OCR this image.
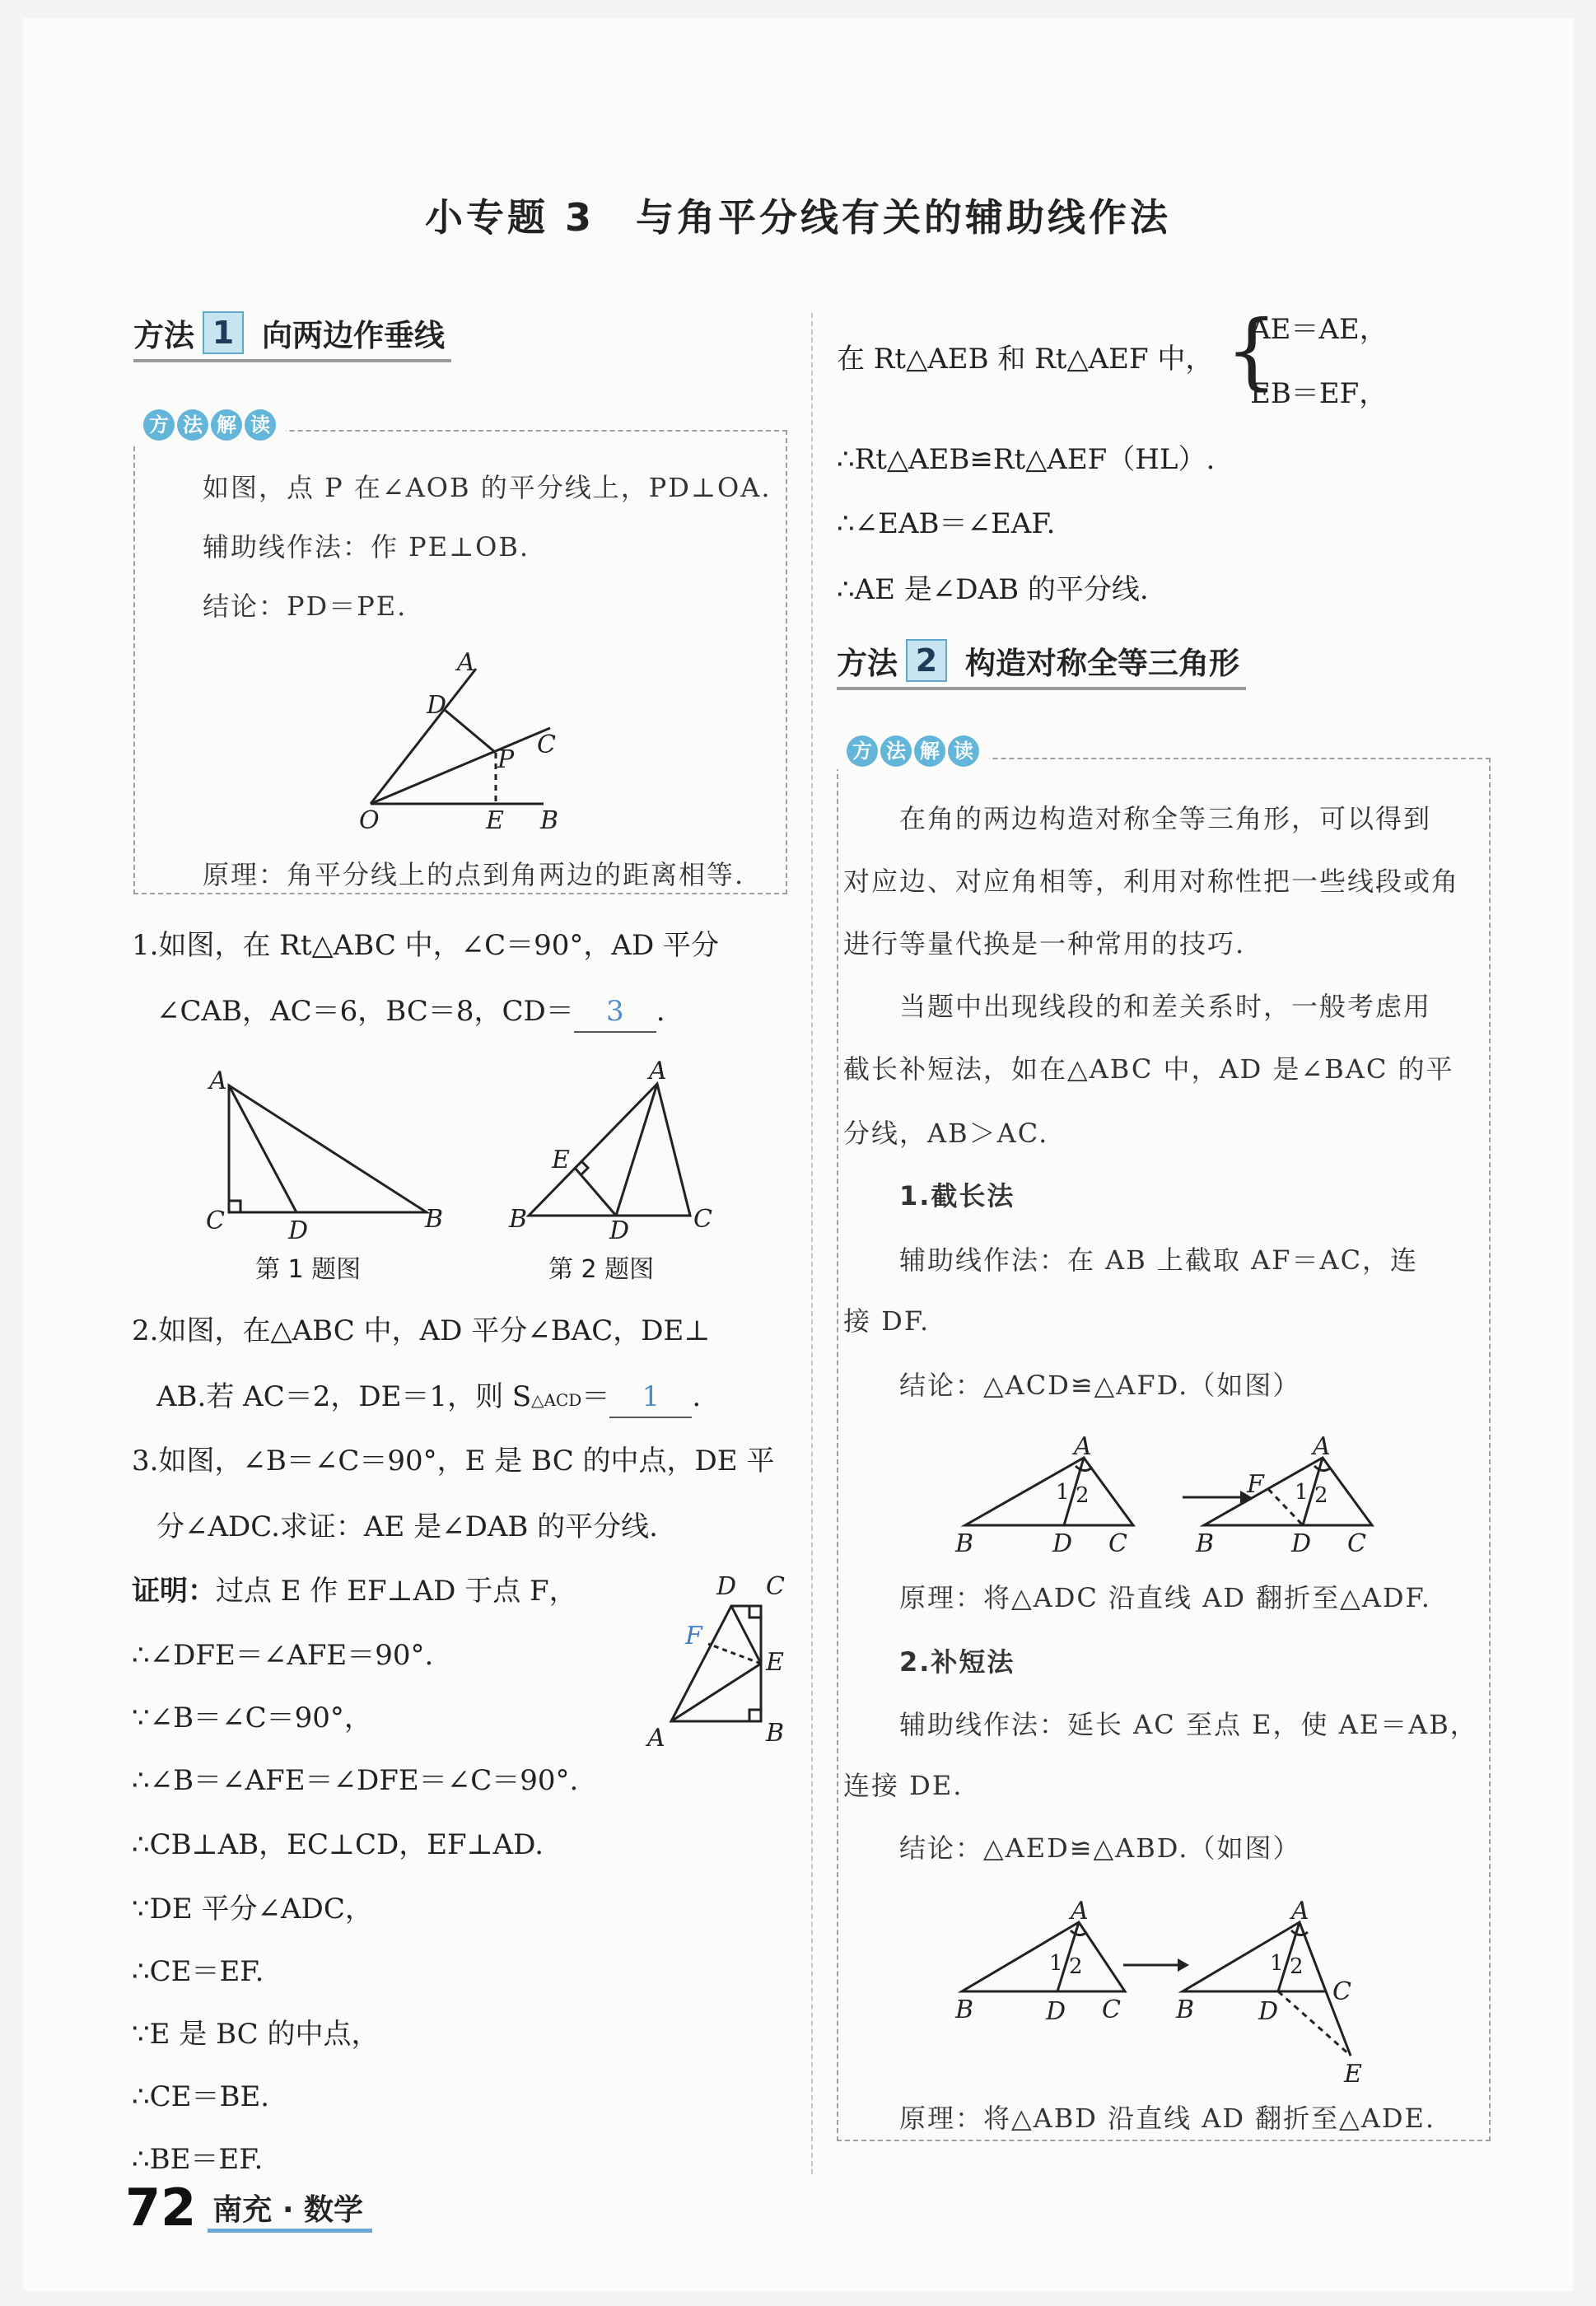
小专题 3　与角平分线有关的辅助线作法
方法 1 向两边作垂线
方 法 解 读
如图，点 P 在∠AOB 的平分线上，PD⊥OA.
辅助线作法：作 PE⊥OB.
结论：PD＝PE.
A
D
C
P
O	E B
原理：角平分线上的点到角两边的距离相等.
1.如图，在 Rt△ABC 中，∠C＝90°，AD 平分
∠CAB，AC＝6，BC＝8，CD＝ 3 .
A
C	D	B
第 1 题图
A
E
B	D	C
第 2 题图
2.如图，在△ABC 中，AD 平分∠BAC，DE⊥
AB.若 AC＝2，DE＝1，则 S△ACD＝ 1 .
3.如图，∠B＝∠C＝90°，E 是 BC 的中点，DE 平
分∠ADC.求证：AE 是∠DAB 的平分线.
D C
F
E
A	B
证明：过点 E 作 EF⊥AD 于点 F，
∴∠DFE＝∠AFE＝90°.
∵∠B＝∠C＝90°，
∴∠B＝∠AFE＝∠DFE＝∠C＝90°.
∴CB⊥AB，EC⊥CD，EF⊥AD.
∵DE 平分∠ADC，
∴CE＝EF.
∵E 是 BC 的中点，
∴CE＝BE.
∴BE＝EF.
在 Rt△AEB 和 Rt△AEF 中， {
AE＝AE，
EB＝EF，
∴Rt△AEB≌Rt△AEF（HL）.
∴∠EAB＝∠EAF.
∴AE 是∠DAB 的平分线.
方法 2 构造对称全等三角形
方 法 解 读
　　在角的两边构造对称全等三角形，可以得到
对应边、对应角相等，利用对称性把一些线段或角
进行等量代换是一种常用的技巧.
　　当题中出现线段的和差关系时，一般考虑用
截长补短法，如在△ABC 中，AD 是∠BAC 的平
分线，AB＞AC.
1.截长法
　　辅助线作法：在 AB 上截取 AF＝AC，连
接 DF.
　　结论：△ACD≌△AFD.（如图）
A
1 2
B	D C
A
F 1 2
B	D C
　　原理：将△ADC 沿直线 AD 翻折至△ADF.
2.补短法
　　辅助线作法：延长 AC 至点 E，使 AE＝AB，
连接 DE.
　　结论：△AED≌△ABD.（如图）
A
1 2
B	D C
A
1 2
B	D
C
E
　　原理：将△ABD 沿直线 AD 翻折至△ADE.
72 南充 · 数学
